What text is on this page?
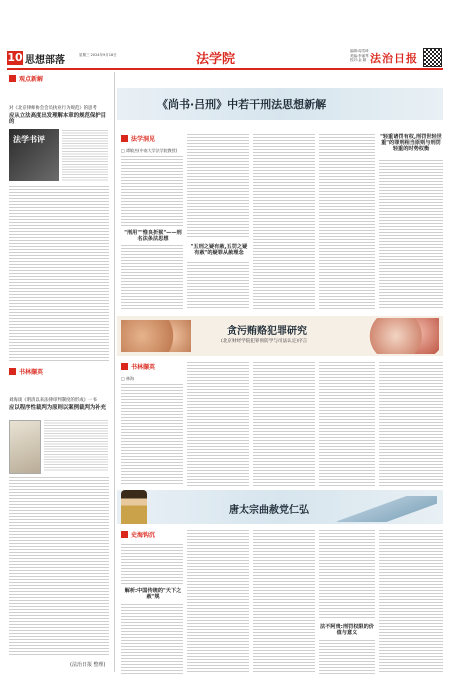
10 思想部落	星期三 2024年9月18日	法学院
编辑:周雪琦
美编:李丽琴
校对:金 颖 法治日报
观点新解
对《北京律师协会会员执业行为规范》的思考
应从立法高度出发理解本章的规范保护目的
法学书评
书林撷英
刘海谈《明清以来法律审判制度的形成》一书
应以程序性裁判为原则以案例裁判为补充
(法治日报 整理)
《尚书·吕刑》中若干刑法思想新解
法学洞见
□ 谭敏杰(中南大学法学院教授)
"刑用""惟良折狱"——刑名法条法思想
"五刑之疑有赦,五罚之疑有赦"的疑罪从赦理念
"轻重诸罚有权,刑罚世轻世重"的罪刑相当原则与刑罚轻重的时势权衡
贪污贿赂犯罪研究
(北京财经学院犯罪预防学与司法认定)序言
书林撷英
□ 林海
唐太宗曲赦党仁弘
史海钩沉
解析:中国传统的"天下之赦"规
法不阿贵:刑罚权限的价值与意义
